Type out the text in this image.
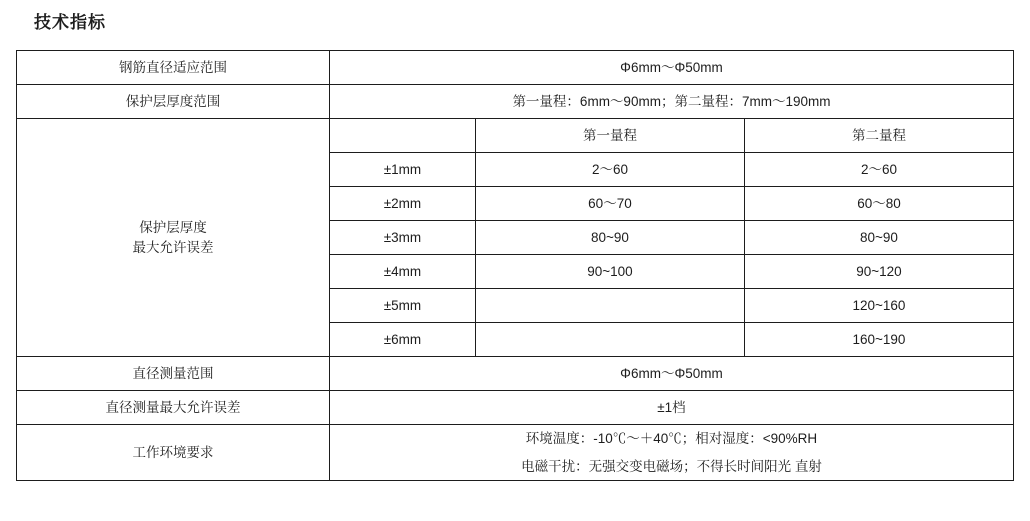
技术指标
钢筋直径适应范围	Φ6mm～Φ50mm		
保护层厚度范围	第一量程：6mm～90mm；第二量程：7mm～190mm		

保护层厚度
最大允许误差		第一量程	第二量程
	±1mm	2～60	2～60
	±2mm	60～70	60～80
	±3mm	80~90	80~90
	±4mm	90~100	90~120
	±5mm		120~160
	±6mm		160~190
直径测量范围	Φ6mm～Φ50mm		
直径测量最大允许误差	±1档		
工作环境要求	环境温度：-10℃～＋40℃；相对湿度：<90%RH
电磁干扰：无强交变电磁场；不得长时间阳光 直射		
